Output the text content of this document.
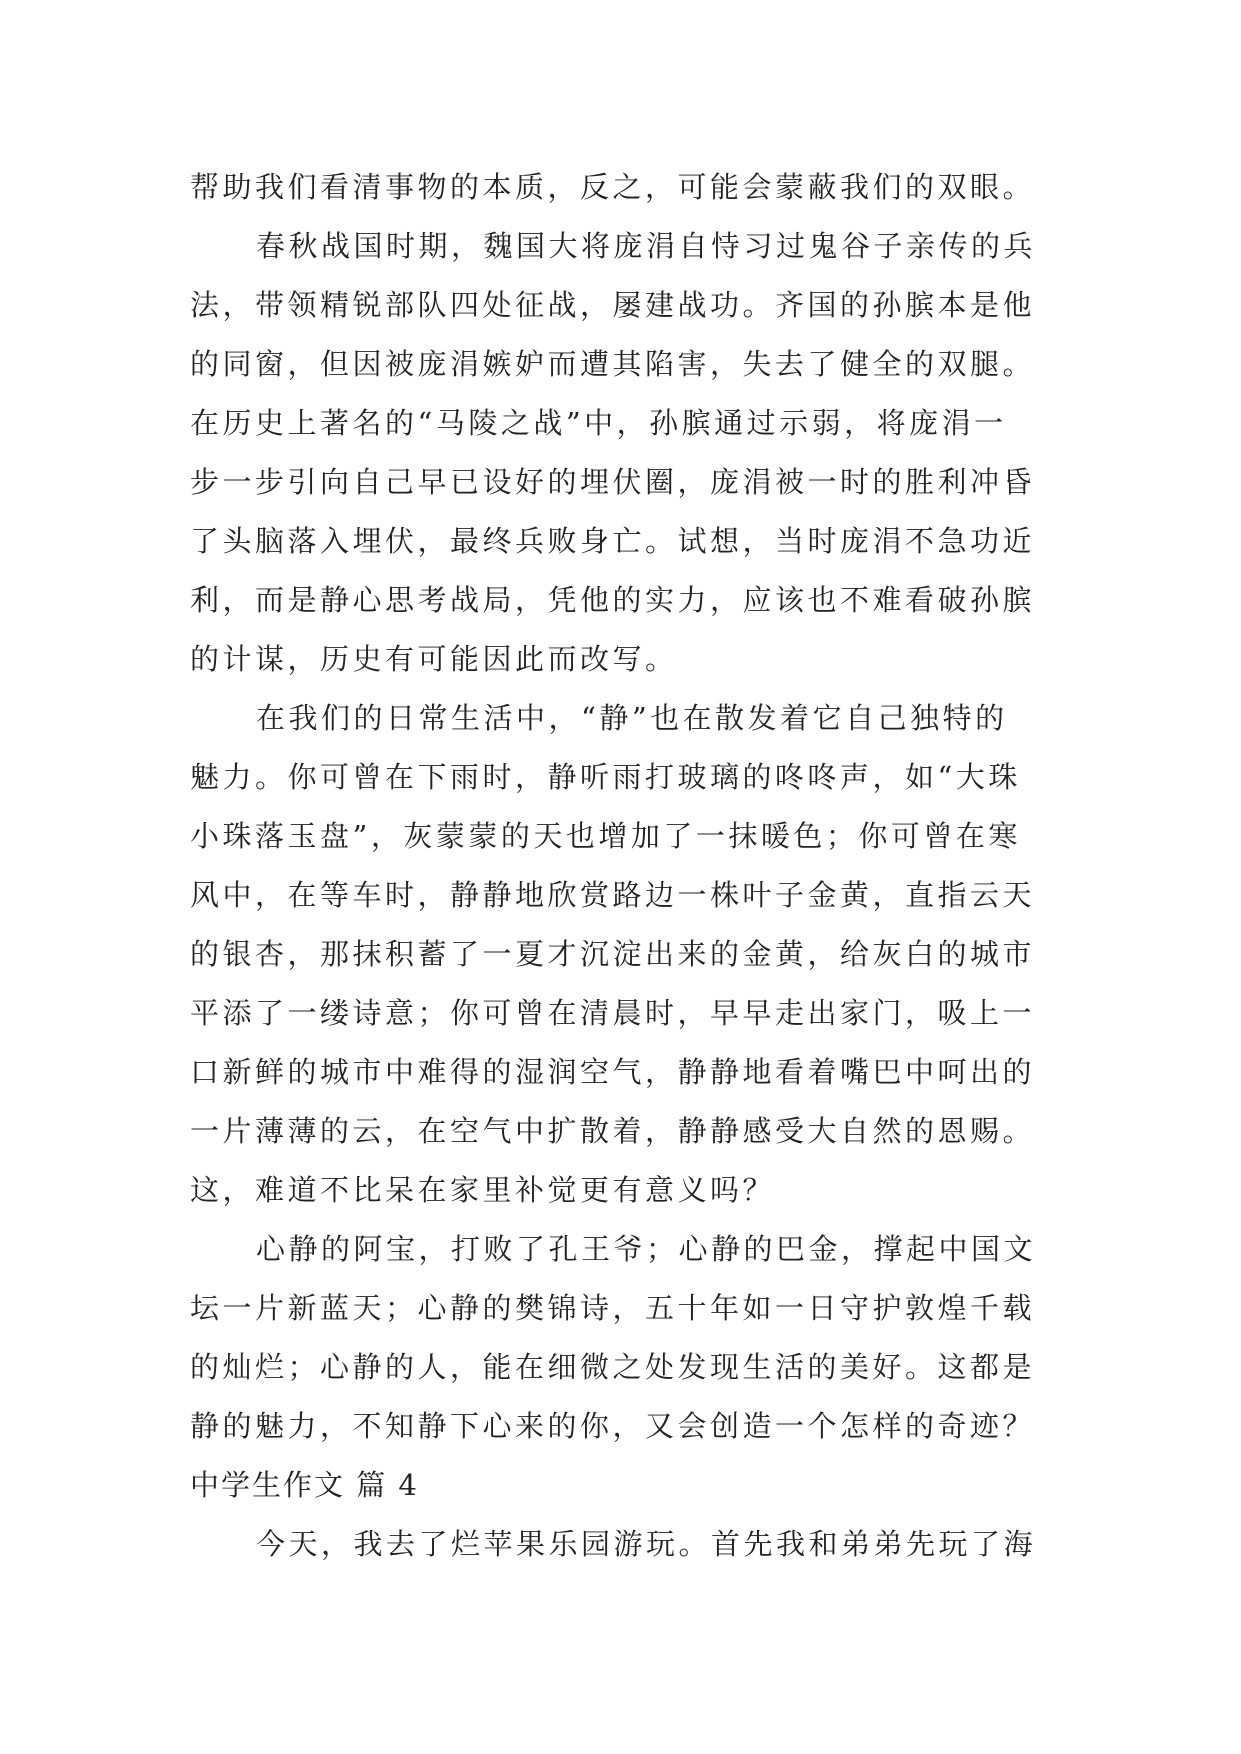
帮助我们看清事物的本质，反之，可能会蒙蔽我们的双眼。
春秋战国时期，魏国大将庞涓自恃习过鬼谷子亲传的兵
法，带领精锐部队四处征战，屡建战功。齐国的孙膑本是他
的同窗，但因被庞涓嫉妒而遭其陷害，失去了健全的双腿。
在历史上著名的“马陵之战”中，孙膑通过示弱，将庞涓一
步一步引向自己早已设好的埋伏圈，庞涓被一时的胜利冲昏
了头脑落入埋伏，最终兵败身亡。试想，当时庞涓不急功近
利，而是静心思考战局，凭他的实力，应该也不难看破孙膑
的计谋，历史有可能因此而改写。
在我们的日常生活中，“静”也在散发着它自己独特的
魅力。你可曾在下雨时，静听雨打玻璃的咚咚声，如“大珠
小珠落玉盘”，灰蒙蒙的天也增加了一抹暖色；你可曾在寒
风中，在等车时，静静地欣赏路边一株叶子金黄，直指云天
的银杏，那抹积蓄了一夏才沉淀出来的金黄，给灰白的城市
平添了一缕诗意；你可曾在清晨时，早早走出家门，吸上一
口新鲜的城市中难得的湿润空气，静静地看着嘴巴中呵出的
一片薄薄的云，在空气中扩散着，静静感受大自然的恩赐。
这，难道不比呆在家里补觉更有意义吗？
心静的阿宝，打败了孔王爷；心静的巴金，撑起中国文
坛一片新蓝天；心静的樊锦诗，五十年如一日守护敦煌千载
的灿烂；心静的人，能在细微之处发现生活的美好。这都是
静的魅力，不知静下心来的你，又会创造一个怎样的奇迹？
中学生作文 篇 4
今天，我去了烂苹果乐园游玩。首先我和弟弟先玩了海
